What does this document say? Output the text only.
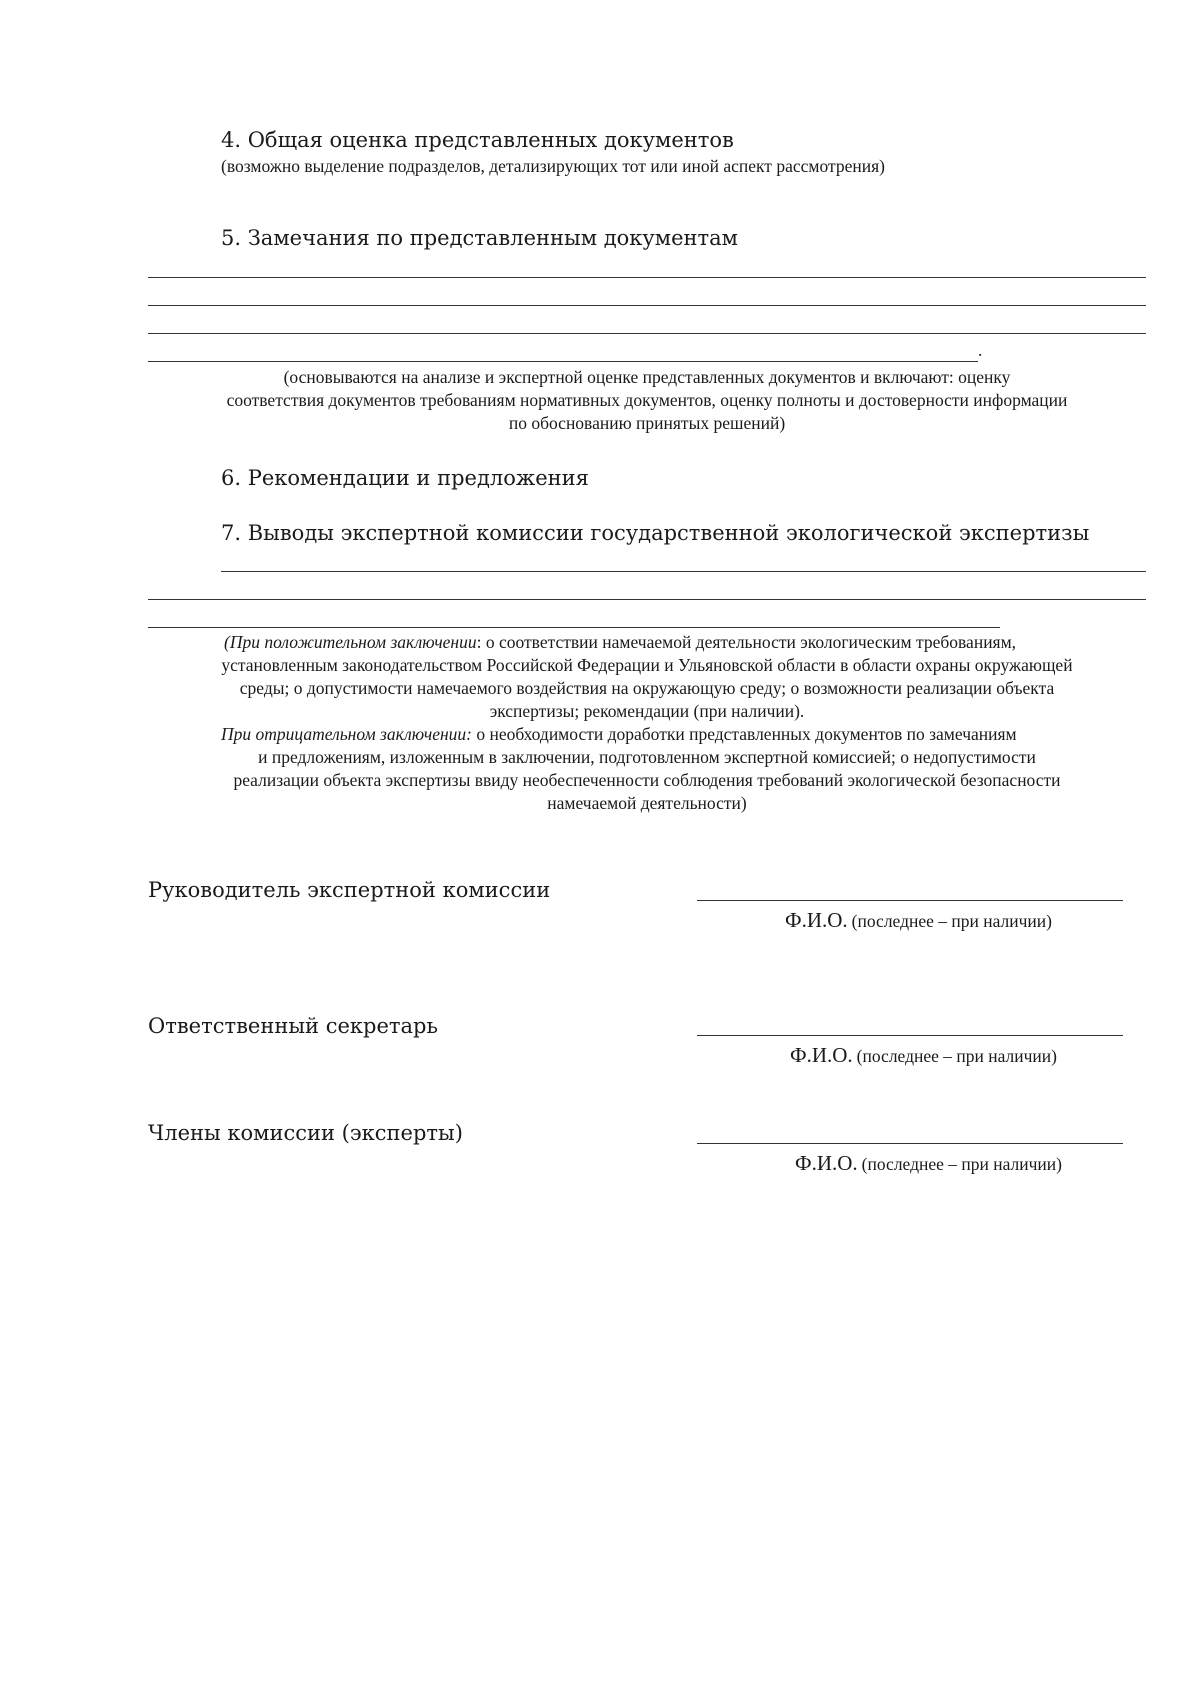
4. Общая оценка представленных документов
(возможно выделение подразделов, детализирующих тот или иной аспект рассмотрения)
5. Замечания по представленным документам
.
(основываются на анализе и экспертной оценке представленных документов и включают: оценку
соответствия документов требованиям нормативных документов, оценку полноты и достоверности информации
по обоснованию принятых решений)
6. Рекомендации и предложения
7. Выводы экспертной комиссии государственной экологической экспертизы
(При положительном заключении: о соответствии намечаемой деятельности экологическим требованиям,
установленным законодательством Российской Федерации и Ульяновской области в области охраны окружающей
среды; о допустимости намечаемого воздействия на окружающую среду; о возможности реализации объекта
экспертизы; рекомендации (при наличии).
При отрицательном заключении: о необходимости доработки представленных документов по замечаниям
и предложениям, изложенным в заключении, подготовленном экспертной комиссией; о недопустимости
реализации объекта экспертизы ввиду необеспеченности соблюдения требований экологической безопасности
намечаемой деятельности)
Руководитель экспертной комиссии
Ф.И.О. (последнее – при наличии)
Ответственный секретарь
Ф.И.О. (последнее – при наличии)
Члены комиссии (эксперты)
Ф.И.О. (последнее – при наличии)
